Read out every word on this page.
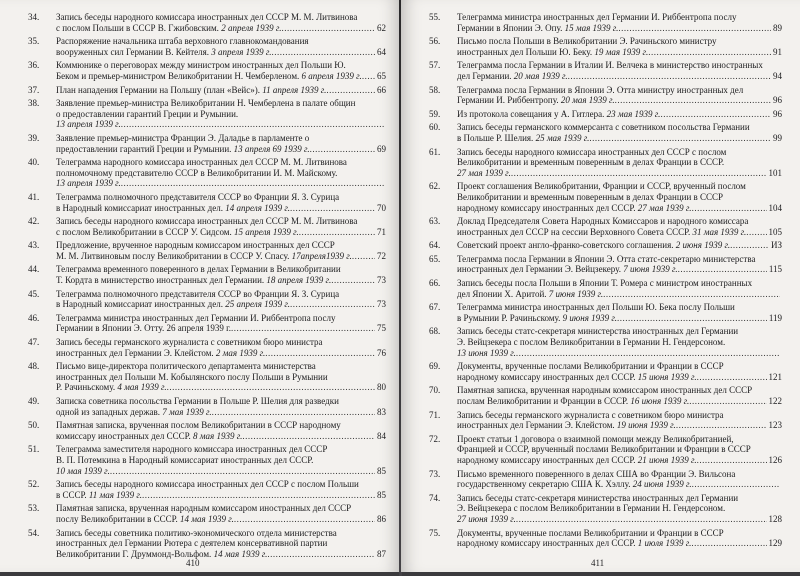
34.	Запись беседы народного комиссара иностранных дел СССР М. М. Литвинова
с послом Польши в СССР В. Гжибовским. 2 апреля 1939 г. .....	62
35.	Распоряжение начальника штаба верховного главнокомандования
вооруженных сил Германии В. Кейтеля. 3 апреля 1939 г. .....	64
36.	Коммюнике о переговорах между министром иностранных дел Польши Ю.
Беком и премьер-министром Великобритании Н. Чемберленом. 6 апреля 1939 г. ..... 65
37.	План нападения Германии на Польшу (план «Вейс»). 11 апреля 1939 г. .....	66
38.	Заявление премьер-министра Великобритании Н. Чемберлена в палате общин
о предоставлении гарантий Греции и Румынии.
13 апреля 1939 г.
.....
39.	Заявление премьер-министра Франции Э. Даладье в парламенте о
предоставлении гарантий Греции и Румынии. 13 апреля 69 1939 г. .....	69
40.	Телеграмма народного комиссара иностранных дел СССР М. М. Литвинова
полномочному представителю СССР в Великобритании И. М. Майскому.
13 апреля 1939 г.
.....
41.	Телеграмма полномочного представителя СССР во Франции Я. З. Сурица
в Народный комиссариат иностранных дел. 14 апреля 1939 г. .....	70
42.	Запись беседы народного комиссара иностранных дел СССР М. М. Литвинова
с послом Великобритании в СССР У. Сидсом. 15 апреля 1939 г. .....	71
43.	Предложение, врученное народным комиссаром иностранных дел СССР
М. М. Литвиновым послу Великобритании в СССР У. Спасу. 17апреля1939 г. .....	72
44.	Телеграмма временного поверенного в делах Германии в Великобритании
Т. Кордта в министерство иностранных дел Германии. 18 апреля 1939 г. .....	73
45.	Телеграмма полномочного представителя СССР во Франции Я. З. Сурица
в Народный комиссариат иностранных дел. 25 апреля 1939 г. .....	73
46.	Телеграмма министра иностранных дел Германии И. Риббентропа послу
Германии в Японии Э. Отту. 26 апреля 1939 г. .....	75
47.	Запись беседы германского журналиста с советником бюро министра
иностранных дел Германии Э. Клейстом. 2 мая 1939 г. .....	76
48.	Письмо вице-директора политического департамента министерства
иностранных дел Польши М. Кобылянского послу Польши в Румынии
Р. Рачиньскому. 4 мая 1939 г. .....	80
49.	Записка советника посольства Германии в Польше Р. Шелия для разведки
одной из западных держав. 7 мая 1939 г. .....	83
50.	Памятная записка, врученная послом Великобритании в СССР народному
комиссару иностранных дел СССР. 8 мая 1939 г. .....	84
51.	Телеграмма заместителя народного комиссара иностранных дел СССР
В. П. Потемкина в Народный комиссариат иностранных дел СССР.
10 мая 1939 г. .....	85
52.	Запись беседы народного комиссара иностранных дел СССР с послом Польши
в СССР. 11 мая 1939 г. .....	85
53.	Памятная записка, врученная народным комиссаром иностранных дел СССР
послу Великобритании в СССР. 14 мая 1939 г. .....	86
54.	Запись беседы советника политико-экономического отдела министерства
иностранных дел Германии Рютера с деятелем консервативной партии
Великобритании Г. Друммонд-Вольфом. 14 мая 1939 г. .....	87
410
55.	Телеграмма министра иностранных дел Германии И. Риббентропа послу
Германии в Японии Э. Опу. 15 мая 1939 г. .....	89
56.	Письмо посла Польши в Великобритании Э. Рачиньского министру
иностранных дел Польши Ю. Беку. 19 мая 1939 г. .....	91
57.	Телеграмма посла Германии в Италии И. Велчека в министерство иностранных
дел Германии. 20 мая 1939 г. .....	94
58.	Телеграмма посла Германии в Японии Э. Отта министру иностранных дел
Германии И. Риббентропу. 20 мая 1939 г. .....	96
59.	Из протокола совещания у А. Гитлера. 23 мая 1939 г. .....	96
60.	Запись беседы германского коммерсанта с советником посольства Германии
в Польше Р. Шелия. 25 мая 1939 г. .....	99
61.	Запись беседы народного комиссара иностранных дел СССР с послом
Великобритании и временным поверенным в делах Франции в СССР.
27 мая 1939 г. .....	101
62.	Проект соглашения Великобритании, Франции и СССР, врученный послом
Великобритании и временным поверенным в делах Франции в СССР
народному комиссару иностранных дел СССР. 27 мая 1939 г. .....	104
63.	Доклад Председателя Совета Народных Комиссаров и народного комиссара
иностранных дел СССР на сессии Верховного Совета СССР. 31 мая 1939 г. ..... 105
64.	Советский проект англо-франко-советского соглашения. 2 июня 1939 г. .....	ИЗ
65.	Телеграмма посла Германии в Японии Э. Отта статс-секретарю министерства
иностранных дел Германии Э. Вейцзекеру. 7 июня 1939 г. .....	115
66.	Запись беседы посла Польши в Японии Т. Ромера с министром иностранных
дел Японии Х. Аритой. 7 июня 1939 г.
.....
67.	Телеграмма министра иностранных дел Польши Ю. Бека послу Польши
в Румынии Р. Рачиньскому. 9 июня 1939 г. .....	119
68.	Запись беседы статс-секретаря министерства иностранных дел Германии
Э. Вейцзекера с послом Великобритании в Германии Н. Гендерсоном.
13 июня 1939 г.
.....
69.	Документы, врученные послами Великобритании и Франции в СССР
народному комиссару иностранных дел СССР. 15 июня 1939 г. .....	121
70.	Памятная записка, врученная народным комиссаром иностранных дел СССР
послам Великобритании и Франции в СССР. 16 июня 1939 г. .....	122
71.	Запись беседы германского журналиста с советником бюро министра
иностранных дел Германии Э. Клейстом. 19 июня 1939 г. .....	123
72.	Проект статьи 1 договора о взаимной помощи между Великобританией,
Францией и СССР, врученный послами Великобритании и Франции в СССР
народному комиссару иностранных дел СССР. 21 июня 1939 г. .....	126
73.	Письмо временного поверенного в делах США во Франции Э. Вильсона
государственному секретарю США К. Хэллу. 24 июня 1939 г.
.....
74.	Запись беседы статс-секретаря министерства иностранных дел Германии
Э. Вейцзекера с послом Великобритании в Германии Н. Гендерсоном.
27 июня 1939 г. .....	128
75.	Документы, врученные послами Великобритании и Франции в СССР
народному комиссару иностранных дел СССР. 1 июля 1939 г. .....	129
411
